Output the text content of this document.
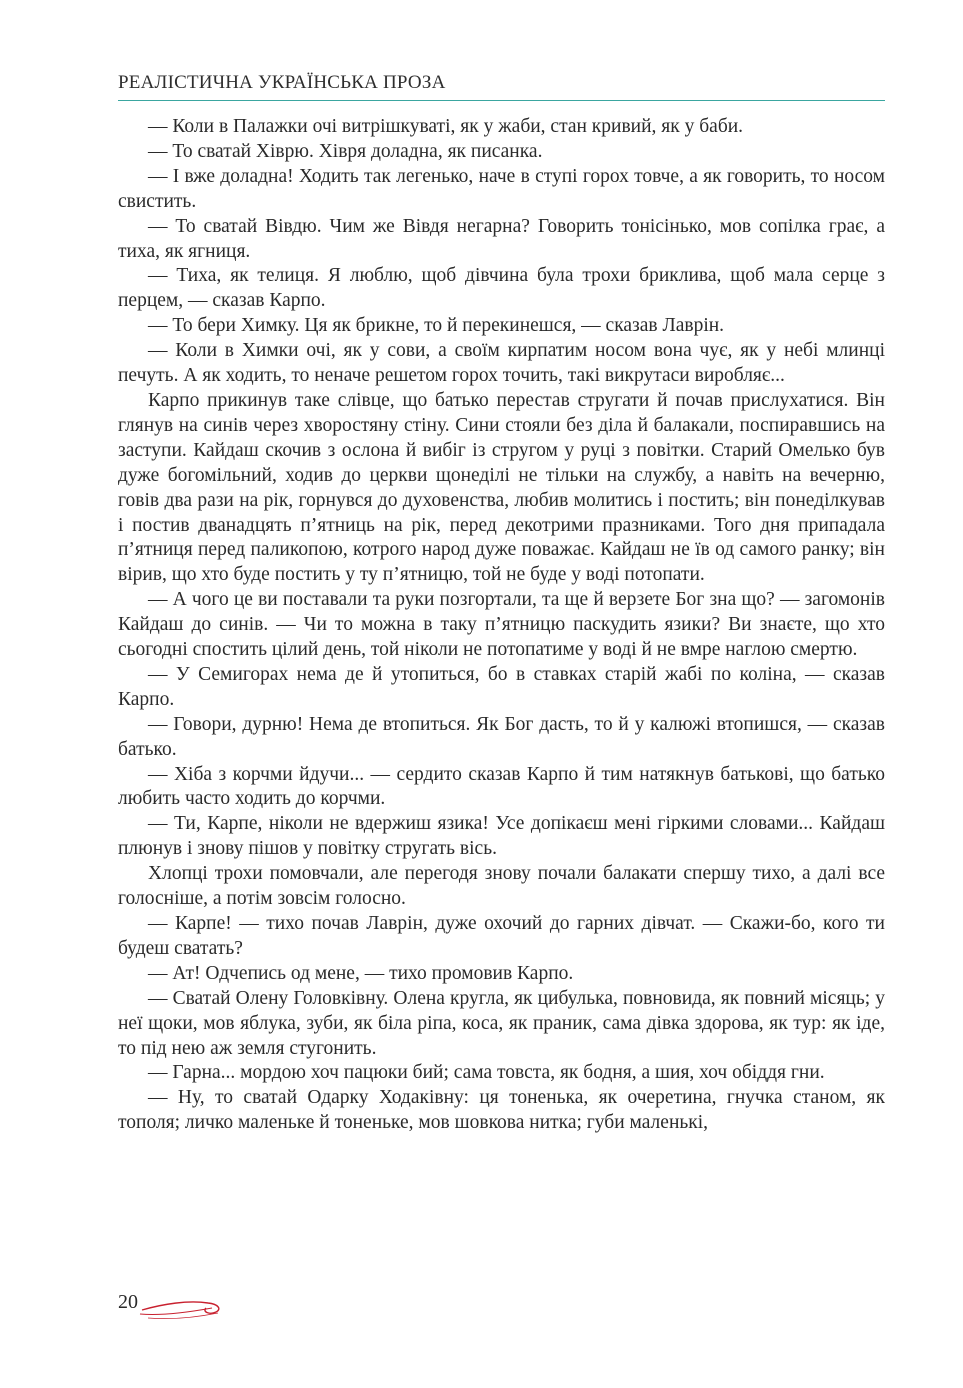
РЕАЛІСТИЧНА УКРАЇНСЬКА ПРОЗА

— Коли в Палажки очі витрішкуваті, як у жаби, стан кривий, як у баби.

— То сватай Хіврю. Хівря доладна, як писанка.

— І вже доладна! Ходить так легенько, наче в ступі горох товче, а як говорить, то носом свистить.

— То сватай Вівдю. Чим же Вівдя негарна? Говорить тонісінько, мов сопілка грає, а тиха, як ягниця.

— Тиха, як телиця. Я люблю, щоб дівчина була трохи бриклива, щоб мала серце з перцем, — сказав Карпо.

— То бери Химку. Ця як брикне, то й перекинешся, — сказав Лаврін.

— Коли в Химки очі, як у сови, а своїм кирпатим носом вона чує, як у небі млинці печуть. А як ходить, то неначе решетом горох точить, такі викрутаси виробляє...

Карпо прикинув таке слівце, що батько перестав стругати й почав прислухатися. Він глянув на синів через хворостяну стіну. Сини стояли без діла й балакали, поспиравшись на заступи. Кайдаш скочив з ослона й вибіг із стругом у руці з повітки. Старий Омелько був дуже богомільний, ходив до церкви щонеділі не тільки на службу, а навіть на вечерню, говів два рази на рік, горнувся до духовенства, любив молитись і постить; він понеділкував і постив дванадцять п’ятниць на рік, перед декотрими празниками. Того дня припадала п’ятниця перед паликопою, котрого народ дуже поважає. Кайдаш не їв од самого ранку; він вірив, що хто буде постить у ту п’ятницю, той не буде у воді потопати.

— А чого це ви поставали та руки позгортали, та ще й верзете Бог зна що? — загомонів Кайдаш до синів. — Чи то можна в таку п’ятницю паскудить язики? Ви знаєте, що хто сьогодні спостить цілий день, той ніколи не потопатиме у воді й не вмре наглою смертю.

— У Семигорах нема де й утопиться, бо в ставках старій жабі по коліна, — сказав Карпо.

— Говори, дурню! Нема де втопиться. Як Бог дасть, то й у калюжі втопишся, — сказав батько.

— Хіба з корчми йдучи... — сердито сказав Карпо й тим натякнув батькові, що батько любить часто ходить до корчми.

— Ти, Карпе, ніколи не вдержиш язика! Усе допікаєш мені гіркими словами... Кайдаш плюнув і знову пішов у повітку стругать вісь.

Хлопці трохи помовчали, але перегодя знову почали балакати спершу тихо, а далі все голосніше, а потім зовсім голосно.

— Карпе! — тихо почав Лаврін, дуже охочий до гарних дівчат. — Скажи-бо, кого ти будеш сватать?

— Ат! Одчепись од мене, — тихо промовив Карпо.

— Сватай Олену Головківну. Олена кругла, як цибулька, повновида, як повний місяць; у неї щоки, мов яблука, зуби, як біла ріпа, коса, як праник, сама дівка здорова, як тур: як іде, то під нею аж земля стугонить.

— Гарна... мордою хоч пацюки бий; сама товста, як бодня, а шия, хоч обіддя гни.

— Ну, то сватай Одарку Ходаківну: ця тоненька, як очеретина, гнучка станом, як тополя; личко маленьке й тоненьке, мов шовкова нитка; губи маленькі,

20
